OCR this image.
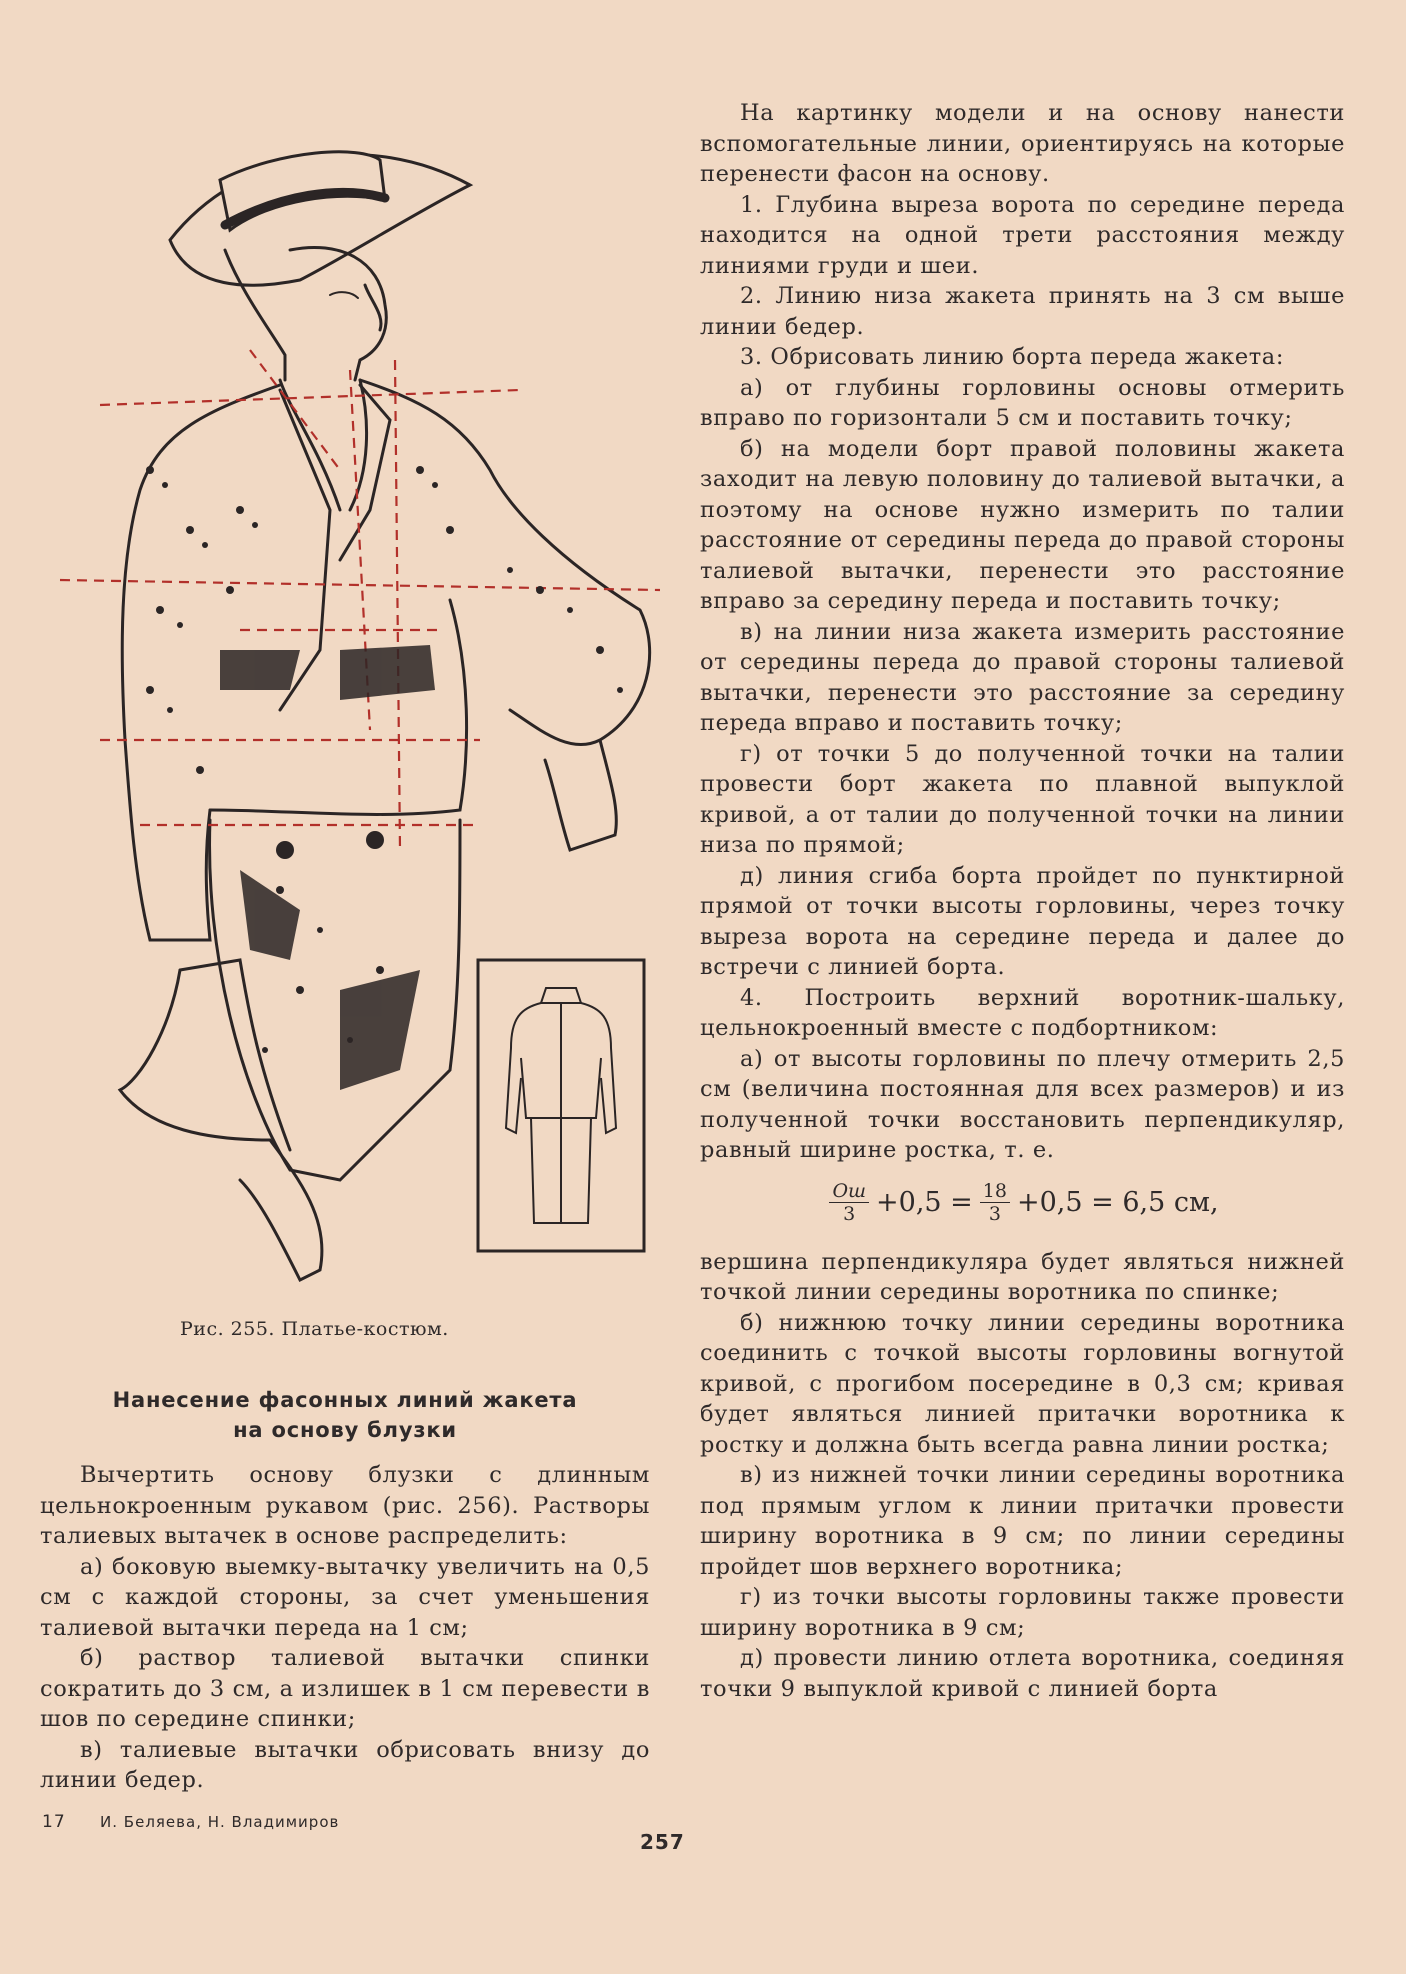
Рис. 255. Платье-костюм.
Нанесение фасонных линий жакета
на основу блузки

Вычертить основу блузки с длинным цельнокроенным рукавом (рис. 256). Растворы талиевых вытачек в основе распределить:

а) боковую выемку-вытачку увеличить на 0,5 см с каждой стороны, за счет уменьшения талиевой вытачки переда на 1 см;

б) раствор талиевой вытачки спинки сократить до 3 см, а излишек в 1 см перевести в шов по середине спинки;

в) талиевые вытачки обрисовать внизу до линии бедер.

На картинку модели и на основу нанести вспомогательные линии, ориентируясь на которые перенести фасон на основу.

1. Глубина выреза ворота по середине переда находится на одной трети расстояния между линиями груди и шеи.

2. Линию низа жакета принять на 3 см выше линии бедер.

3. Обрисовать линию борта переда жакета:

а) от глубины горловины основы отмерить вправо по горизонтали 5 см и поставить точку;

б) на модели борт правой половины жакета заходит на левую половину до талиевой вытачки, а поэтому на основе нужно измерить по талии расстояние от середины переда до правой стороны талиевой вытачки, перенести это расстояние вправо за середину переда и поставить точку;

в) на линии низа жакета измерить расстояние от середины переда до правой стороны талиевой вытачки, перенести это расстояние за середину переда вправо и поставить точку;

г) от точки 5 до полученной точки на талии провести борт жакета по плавной выпуклой кривой, а от талии до полученной точки на линии низа по прямой;

д) линия сгиба борта пройдет по пунктирной прямой от точки высоты горловины, через точку выреза ворота на середине переда и далее до встречи с линией борта.

4. Построить верхний воротник-шальку, цельнокроенный вместе с подбортником:

а) от высоты горловины по плечу отмерить 2,5 см (величина постоянная для всех размеров) и из полученной точки восстановить перпендикуляр, равный ширине ростка, т. е.

$\frac{Ош}{3} +0,5 = \frac{18}{3} +0,5 = 6,5$ см,

вершина перпендикуляра будет являться нижней точкой линии середины воротника по спинке;

б) нижнюю точку линии середины воротника соединить с точкой высоты горловины вогнутой кривой, с прогибом посередине в 0,3 см; кривая будет являться линией притачки воротника к ростку и должна быть всегда равна линии ростка;

в) из нижней точки линии середины воротника под прямым углом к линии притачки провести ширину воротника в 9 см; по линии середины пройдет шов верхнего воротника;

г) из точки высоты горловины также провести ширину воротника в 9 см;

д) провести линию отлета воротника, соединяя точки 9 выпуклой кривой с линией борта

17 И. Беляева, Н. Владимиров
257
